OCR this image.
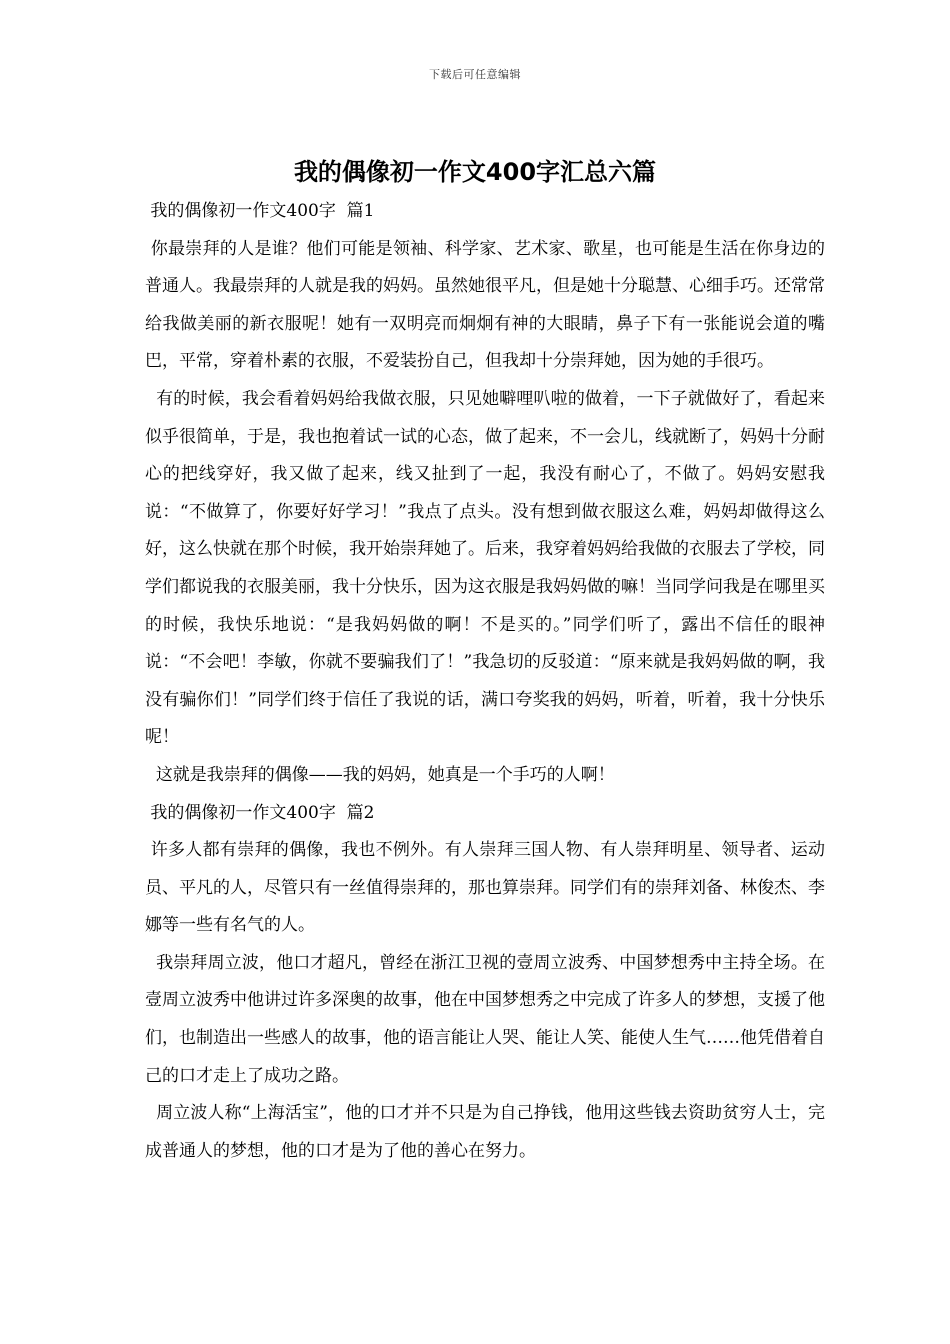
下载后可任意编辑
我的偶像初一作文400字汇总六篇

我的偶像初一作文400字  篇1

你最崇拜的人是谁？他们可能是领袖、科学家、艺术家、歌星，也可能是生活在你身边的普通人。我最崇拜的人就是我的妈妈。虽然她很平凡，但是她十分聪慧、心细手巧。还常常给我做美丽的新衣服呢！她有一双明亮而炯炯有神的大眼睛，鼻子下有一张能说会道的嘴巴，平常，穿着朴素的衣服，不爱装扮自己，但我却十分崇拜她，因为她的手很巧。

有的时候，我会看着妈妈给我做衣服，只见她噼哩叭啦的做着，一下子就做好了，看起来似乎很简单，于是，我也抱着试一试的心态，做了起来，不一会儿，线就断了，妈妈十分耐心的把线穿好，我又做了起来，线又扯到了一起，我没有耐心了，不做了。妈妈安慰我说：“不做算了，你要好好学习！”我点了点头。没有想到做衣服这么难，妈妈却做得这么好，这么快就在那个时候，我开始崇拜她了。后来，我穿着妈妈给我做的衣服去了学校，同学们都说我的衣服美丽，我十分快乐，因为这衣服是我妈妈做的嘛！当同学问我是在哪里买的时候，我快乐地说：“是我妈妈做的啊！不是买的。”同学们听了，露出不信任的眼神说：“不会吧！李敏，你就不要骗我们了！”我急切的反驳道：“原来就是我妈妈做的啊，我没有骗你们！”同学们终于信任了我说的话，满口夸奖我的妈妈，听着，听着，我十分快乐呢！

这就是我崇拜的偶像——我的妈妈，她真是一个手巧的人啊！

我的偶像初一作文400字  篇2

许多人都有崇拜的偶像，我也不例外。有人崇拜三国人物、有人崇拜明星、领导者、运动员、平凡的人，尽管只有一丝值得崇拜的，那也算崇拜。同学们有的崇拜刘备、林俊杰、李娜等一些有名气的人。

我崇拜周立波，他口才超凡，曾经在浙江卫视的壹周立波秀、中国梦想秀中主持全场。在壹周立波秀中他讲过许多深奥的故事，他在中国梦想秀之中完成了许多人的梦想，支援了他们，也制造出一些感人的故事，他的语言能让人哭、能让人笑、能使人生气……他凭借着自己的口才走上了成功之路。

周立波人称“上海活宝”，他的口才并不只是为自己挣钱，他用这些钱去资助贫穷人士，完成普通人的梦想，他的口才是为了他的善心在努力。
